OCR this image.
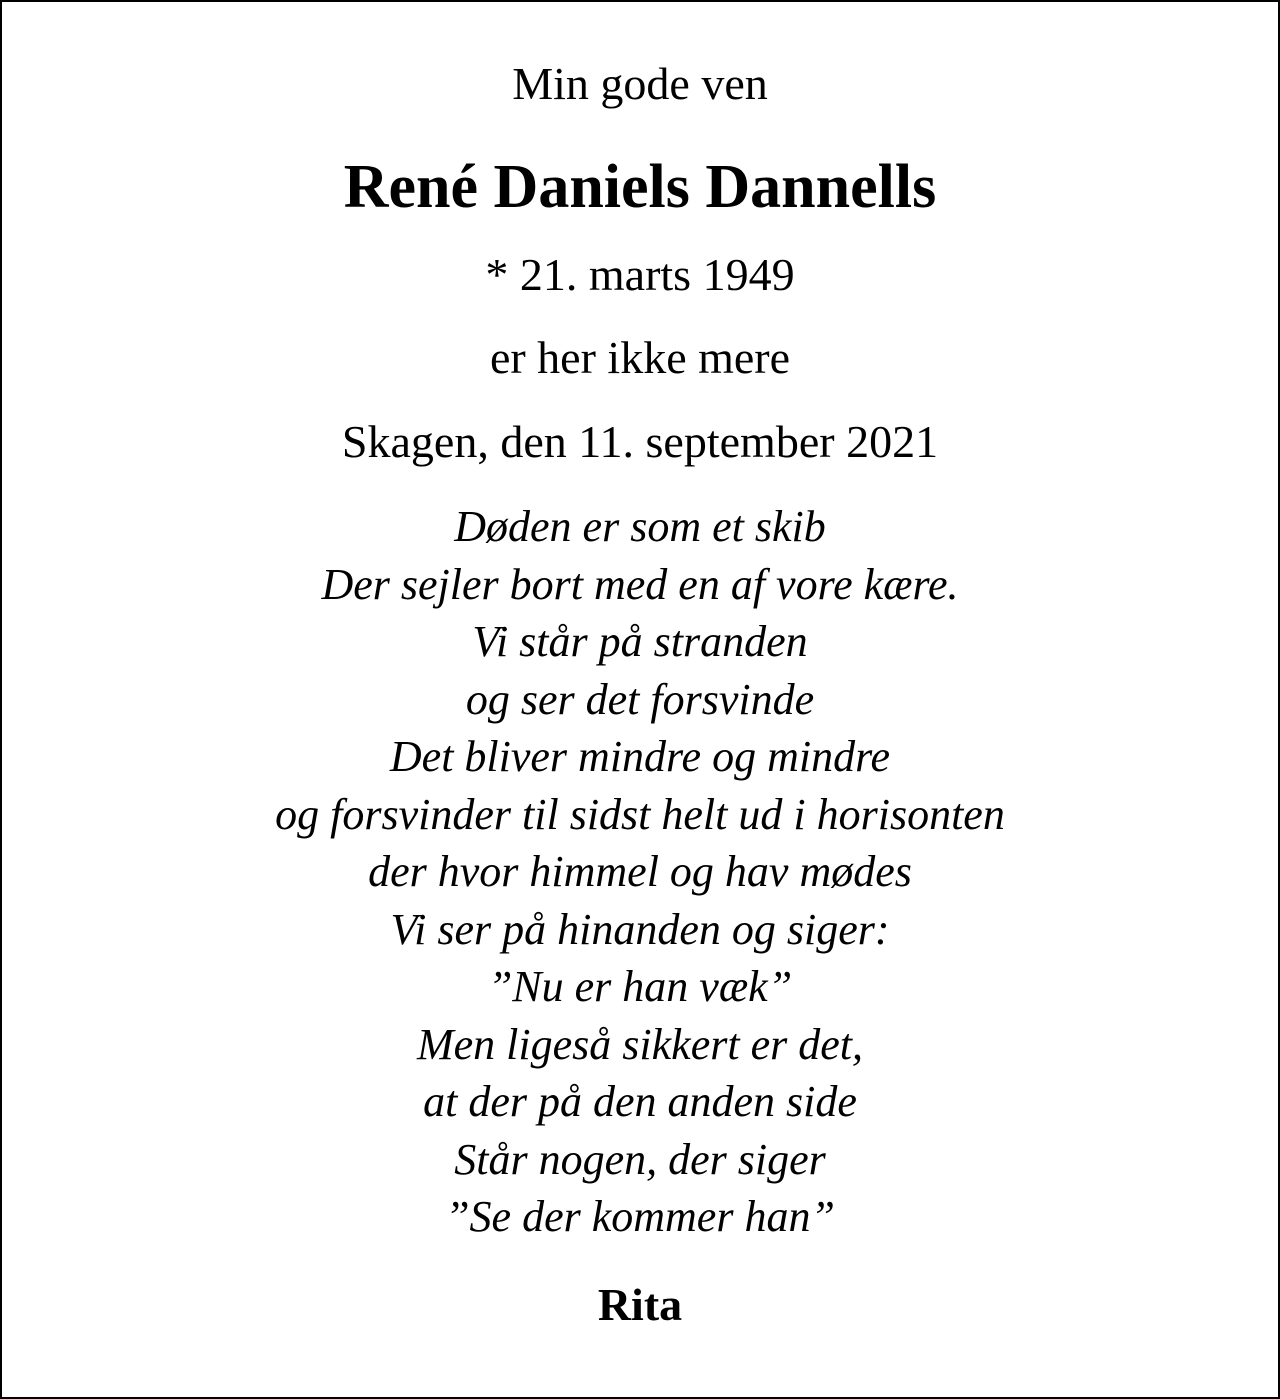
Min gode ven

René Daniels Dannells

* 21. marts 1949

er her ikke mere

Skagen, den 11. september 2021

Døden er som et skib
Der sejler bort med en af vore kære.
Vi står på stranden
og ser det forsvinde
Det bliver mindre og mindre
og forsvinder til sidst helt ud i horisonten
der hvor himmel og hav mødes
Vi ser på hinanden og siger:
”Nu er han væk”
Men ligeså sikkert er det,
at der på den anden side
Står nogen, der siger
”Se der kommer han”

Rita
